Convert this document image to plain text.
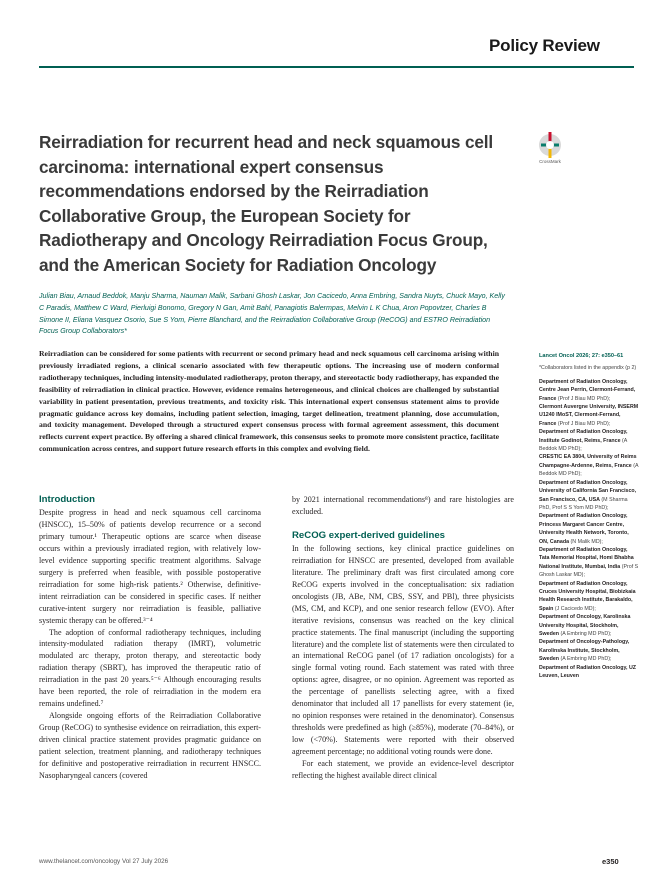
Policy Review
Reirradiation for recurrent head and neck squamous cell carcinoma: international expert consensus recommendations endorsed by the Reirradiation Collaborative Group, the European Society for Radiotherapy and Oncology Reirradiation Focus Group, and the American Society for Radiation Oncology
CrossMark
Julian Biau, Arnaud Beddok, Manju Sharma, Nauman Malik, Sarbani Ghosh Laskar, Jon Cacicedo, Anna Embring, Sandra Nuyts, Chuck Mayo, Kelly C Paradis, Matthew C Ward, Pierluigi Bonomo, Gregory N Gan, Amit Bahl, Panagiotis Balermpas, Melvin L K Chua, Aron Popovtzer, Charles B Simone II, Eliana Vasquez Osorio, Sue S Yom, Pierre Blanchard, and the Reirradiation Collaborative Group (ReCOG) and ESTRO Reirradiation Focus Group Collaborators*
Reirradiation can be considered for some patients with recurrent or second primary head and neck squamous cell carcinoma arising within previously irradiated regions, a clinical scenario associated with few therapeutic options. The increasing use of modern conformal radiotherapy techniques, including intensity-modulated radiotherapy, proton therapy, and stereotactic body radiotherapy, has expanded the feasibility of reirradiation in clinical practice. However, evidence remains heterogeneous, and clinical choices are challenged by substantial variability in patient presentation, previous treatments, and toxicity risk. This international expert consensus statement aims to provide pragmatic guidance across key domains, including patient selection, imaging, target delineation, treatment planning, dose accumulation, and toxicity management. Developed through a structured expert consensus process with formal agreement assessment, this document reflects current expert practice. By offering a shared clinical framework, this consensus seeks to promote more consistent practice, facilitate communication across centres, and support future research efforts in this complex and evolving field.
Lancet Oncol 2026; 27: e350–61
*Collaborators listed in the appendix (p 2)
Department of Radiation Oncology, Centre Jean Perrin, Clermont-Ferrand, France (Prof J Biau MD PhD);
Clermont Auvergne University, INSERM U1240 IMoST, Clermont-Ferrand, France (Prof J Biau MD PhD);
Department of Radiation Oncology, Institute Godinot, Reims, France (A Beddok MD PhD);
CRESTIC EA 3804, University of Reims Champagne-Ardenne, Reims, France (A Beddok MD PhD);
Department of Radiation Oncology, University of California San Francisco, San Francisco, CA, USA (M Sharma PhD, Prof S S Yom MD PhD);
Department of Radiation Oncology, Princess Margaret Cancer Centre, University Health Network, Toronto, ON, Canada (N Malik MD);
Department of Radiation Oncology, Tata Memorial Hospital, Homi Bhabha National Institute, Mumbai, India (Prof S Ghosh Laskar MD);
Department of Radiation Oncology, Cruces University Hospital, Biobizkaia Health Research Institute, Barakaldo, Spain (J Cacicedo MD);
Department of Oncology, Karolinska University Hospital, Stockholm, Sweden (A Embring MD PhD);
Department of Oncology-Pathology, Karolinska Institute, Stockholm, Sweden (A Embring MD PhD);
Department of Radiation Oncology, UZ Leuven, Leuven
Introduction

Despite progress in head and neck squamous cell carcinoma (HNSCC), 15–50% of patients develop recurrence or a second primary tumour.¹ Therapeutic options are scarce when disease occurs within a previously irradiated region, with relatively low-level evidence supporting specific treatment algorithms. Salvage surgery is preferred when feasible, with possible postoperative reirradiation for some high-risk patients.² Otherwise, definitive-intent reirradiation can be considered in specific cases. If neither curative-intent surgery nor reirradiation is feasible, palliative systemic therapy can be offered.³⁻⁴

The adoption of conformal radiotherapy techniques, including intensity-modulated radiation therapy (IMRT), volumetric modulated arc therapy, proton therapy, and stereotactic body radiation therapy (SBRT), has improved the therapeutic ratio of reirradiation in the past 20 years.⁵⁻⁶ Although encouraging results have been reported, the role of reirradiation in the modern era remains undefined.⁷

Alongside ongoing efforts of the Reirradiation Collaborative Group (ReCOG) to synthesise evidence on reirradiation, this expert-driven clinical practice statement provides pragmatic guidance on patient selection, treatment planning, and radiotherapy techniques for definitive and postoperative reirradiation in recurrent HNSCC. Nasopharyngeal cancers (covered

by 2021 international recommendations⁸) and rare histologies are excluded.

ReCOG expert-derived guidelines

In the following sections, key clinical practice guidelines on reirradiation for HNSCC are presented, developed from available literature. The preliminary draft was first circulated among core ReCOG experts involved in the conceptualisation: six radiation oncologists (JB, ABe, NM, CBS, SSY, and PBl), three physicists (MS, CM, and KCP), and one senior research fellow (EVO). After iterative revisions, consensus was reached on the key clinical practice statements. The final manuscript (including the supporting literature) and the complete list of statements were then circulated to an international ReCOG panel (of 17 radiation oncologists) for a single formal voting round. Each statement was rated with three options: agree, disagree, or no opinion. Agreement was reported as the percentage of panellists selecting agree, with a fixed denominator that included all 17 panellists for every statement (ie, no opinion responses were retained in the denominator). Consensus thresholds were predefined as high (≥85%), moderate (70–84%), or low (<70%). Statements were reported with their observed agreement percentage; no additional voting rounds were done.

For each statement, we provide an evidence-level descriptor reflecting the highest available direct clinical

www.thelancet.com/oncology Vol 27 July 2026	e350
